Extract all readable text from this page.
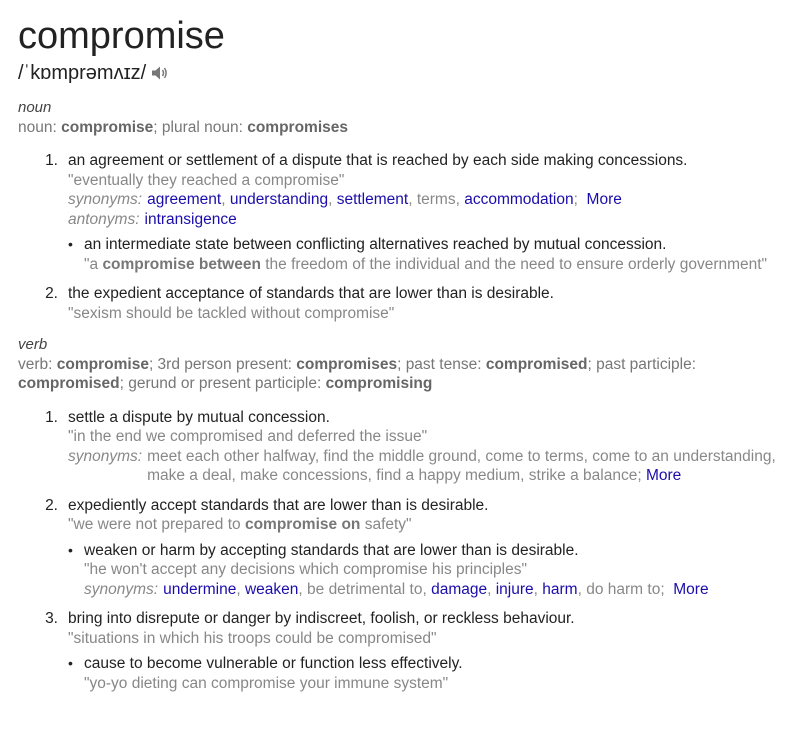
compromise
/ˈkɒmprəmʌɪz/
noun
noun: compromise; plural noun: compromises
1. an agreement or settlement of a dispute that is reached by each side making concessions.
"eventually they reached a compromise"
synonyms: agreement, understanding, settlement, terms, accommodation;  More
antonyms: intransigence
• an intermediate state between conflicting alternatives reached by mutual concession.
"a compromise between the freedom of the individual and the need to ensure orderly government"
2. the expedient acceptance of standards that are lower than is desirable.
"sexism should be tackled without compromise"
verb
verb: compromise; 3rd person present: compromises; past tense: compromised; past participle: compromised; gerund or present participle: compromising
1. settle a dispute by mutual concession.
"in the end we compromised and deferred the issue"
synonyms: meet each other halfway, find the middle ground, come to terms, come to an understanding, make a deal, make concessions, find a happy medium, strike a balance; More
2. expediently accept standards that are lower than is desirable.
"we were not prepared to compromise on safety"
• weaken or harm by accepting standards that are lower than is desirable.
"he won't accept any decisions which compromise his principles"
synonyms: undermine, weaken, be detrimental to, damage, injure, harm, do harm to;  More
3. bring into disrepute or danger by indiscreet, foolish, or reckless behaviour.
"situations in which his troops could be compromised"
• cause to become vulnerable or function less effectively.
"yo-yo dieting can compromise your immune system"
